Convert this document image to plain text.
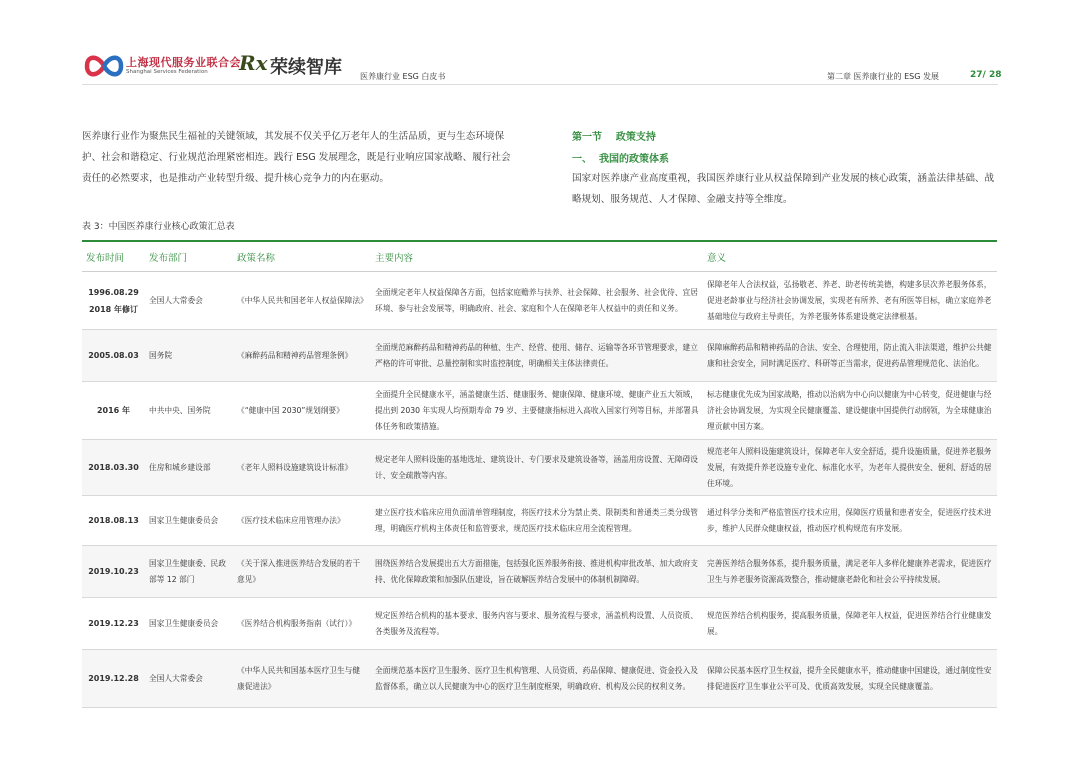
上海现代服务业联合会
Shanghai Services Federation Rx 荣续智库 医养康行业 ESG 白皮书	第二章 医养康行业的 ESG 发展	27/ 28
医养康行业作为聚焦民生福祉的关键领域，其发展不仅关乎亿万老年人的生活品质，更与生态环境保
护、社会和谐稳定、行业规范治理紧密相连。践行 ESG 发展理念，既是行业响应国家战略、履行社会
责任的必然要求，也是推动产业转型升级、提升核心竞争力的内在驱动。
第一节    政策支持
一、  我国的政策体系
国家对医养康产业高度重视，我国医养康行业从权益保障到产业发展的核心政策，涵盖法律基础、战
略规划、服务规范、人才保障、金融支持等全维度。
表 3：中国医养康行业核心政策汇总表
发布时间	发布部门	政策名称	主要内容	意义
1996.08.29
2018 年修订	全国人大常委会	《中华人民共和国老年人权益保障法》	全面规定老年人权益保障各方面，包括家庭赡养与扶养、社会保障、社会服务、社会优待、宜居环境、参与社会发展等，明确政府、社会、家庭和个人在保障老年人权益中的责任和义务。	保障老年人合法权益，弘扬敬老、养老、助老传统美德，构建多层次养老服务体系，促进老龄事业与经济社会协调发展，实现老有所养、老有所医等目标，确立家庭养老基础地位与政府主导责任，为养老服务体系建设奠定法律根基。
2005.08.03	国务院	《麻醉药品和精神药品管理条例》	全面规范麻醉药品和精神药品的种植、生产、经营、使用、储存、运输等各环节管理要求，建立严格的许可审批、总量控制和实时监控制度，明确相关主体法律责任。	保障麻醉药品和精神药品的合法、安全、合理使用，防止流入非法渠道，维护公共健康和社会安全，同时满足医疗、科研等正当需求，促进药品管理规范化、法治化。
2016 年	中共中央、国务院	《“健康中国 2030”规划纲要》	全面提升全民健康水平，涵盖健康生活、健康服务、健康保障、健康环境、健康产业五大领域，提出到 2030 年实现人均预期寿命 79 岁、主要健康指标进入高收入国家行列等目标，并部署具体任务和政策措施。	标志健康优先成为国家战略，推动以治病为中心向以健康为中心转变，促进健康与经济社会协调发展，为实现全民健康覆盖、建设健康中国提供行动纲领，为全球健康治理贡献中国方案。
2018.03.30	住房和城乡建设部	《老年人照料设施建筑设计标准》	规定老年人照料设施的基地选址、建筑设计、专门要求及建筑设备等，涵盖用房设置、无障碍设计、安全疏散等内容。	规范老年人照料设施建筑设计，保障老年人安全舒适，提升设施质量，促进养老服务发展，有效提升养老设施专业化、标准化水平，为老年人提供安全、便利、舒适的居住环境。
2018.08.13	国家卫生健康委员会	《医疗技术临床应用管理办法》	建立医疗技术临床应用负面清单管理制度，将医疗技术分为禁止类、限制类和普通类三类分级管理，明确医疗机构主体责任和监管要求，规范医疗技术临床应用全流程管理。	通过科学分类和严格监管医疗技术应用，保障医疗质量和患者安全，促进医疗技术进步，维护人民群众健康权益，推动医疗机构规范有序发展。
2019.10.23	国家卫生健康委、民政部等 12 部门	《关于深入推进医养结合发展的若干意见》	围绕医养结合发展提出五大方面措施，包括强化医养服务衔接、推进机构审批改革、加大政府支持、优化保障政策和加强队伍建设，旨在破解医养结合发展中的体制机制障碍。	完善医养结合服务体系，提升服务质量，满足老年人多样化健康养老需求，促进医疗卫生与养老服务资源高效整合，推动健康老龄化和社会公平持续发展。
2019.12.23	国家卫生健康委员会	《医养结合机构服务指南（试行）》	规定医养结合机构的基本要求、服务内容与要求、服务流程与要求，涵盖机构设置、人员资质、各类服务及流程等。	规范医养结合机构服务，提高服务质量，保障老年人权益，促进医养结合行业健康发展。
2019.12.28	全国人大常委会	《中华人民共和国基本医疗卫生与健康促进法》	全面规范基本医疗卫生服务、医疗卫生机构管理、人员资质、药品保障、健康促进、资金投入及监督体系，确立以人民健康为中心的医疗卫生制度框架，明确政府、机构及公民的权利义务。	保障公民基本医疗卫生权益，提升全民健康水平，推动健康中国建设，通过制度性安排促进医疗卫生事业公平可及、优质高效发展，实现全民健康覆盖。
